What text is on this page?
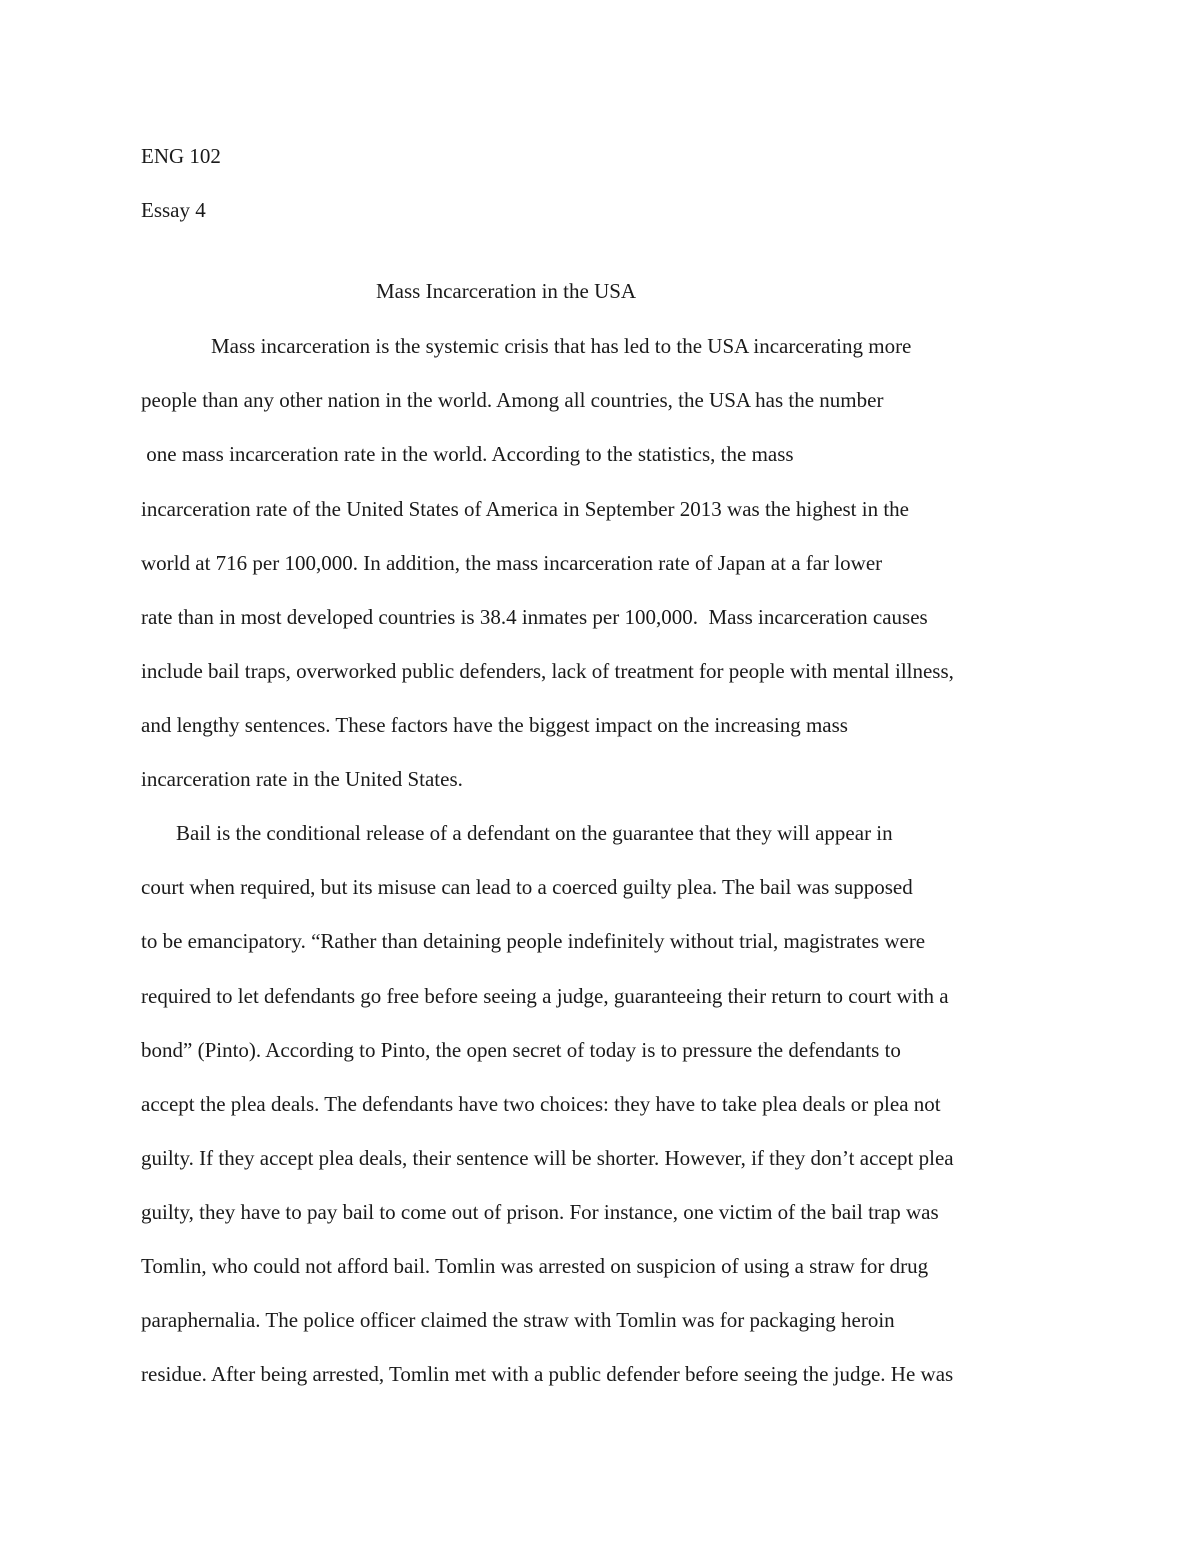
ENG 102

Essay 4

Mass Incarceration in the USA

Mass incarceration is the systemic crisis that has led to the USA incarcerating more

people than any other nation in the world. Among all countries, the USA has the number

one mass incarceration rate in the world. According to the statistics, the mass

incarceration rate of the United States of America in September 2013 was the highest in the

world at 716 per 100,000. In addition, the mass incarceration rate of Japan at a far lower

rate than in most developed countries is 38.4 inmates per 100,000.  Mass incarceration causes

include bail traps, overworked public defenders, lack of treatment for people with mental illness,

and lengthy sentences. These factors have the biggest impact on the increasing mass

incarceration rate in the United States.

Bail is the conditional release of a defendant on the guarantee that they will appear in

court when required, but its misuse can lead to a coerced guilty plea. The bail was supposed

to be emancipatory. “Rather than detaining people indefinitely without trial, magistrates were

required to let defendants go free before seeing a judge, guaranteeing their return to court with a

bond” (Pinto). According to Pinto, the open secret of today is to pressure the defendants to

accept the plea deals. The defendants have two choices: they have to take plea deals or plea not

guilty. If they accept plea deals, their sentence will be shorter. However, if they don’t accept plea

guilty, they have to pay bail to come out of prison. For instance, one victim of the bail trap was

Tomlin, who could not afford bail. Tomlin was arrested on suspicion of using a straw for drug

paraphernalia. The police officer claimed the straw with Tomlin was for packaging heroin

residue. After being arrested, Tomlin met with a public defender before seeing the judge. He was
